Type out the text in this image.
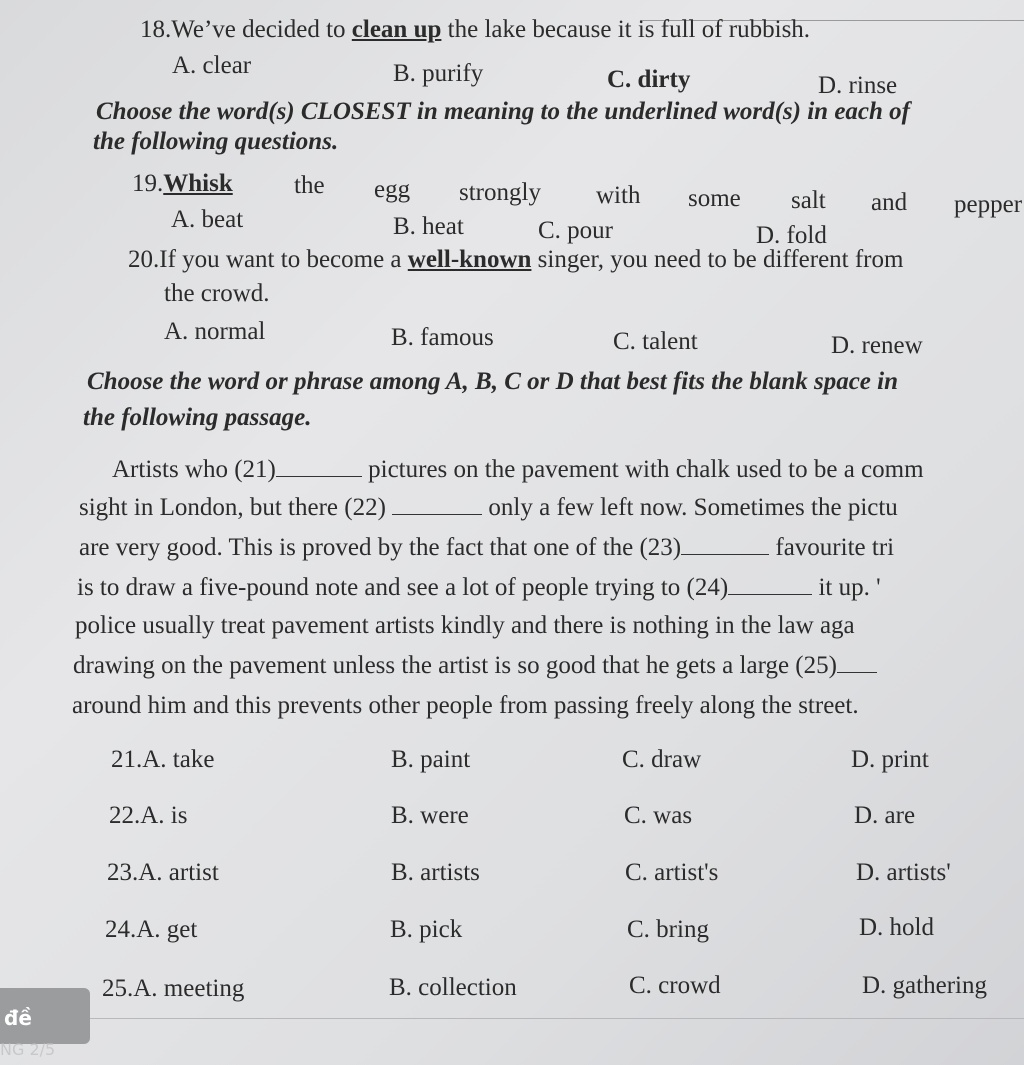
18.We’ve decided to clean up the lake because it is full of rubbish.
A. clear	B. purify	C. dirty	D. rinse
Choose the word(s) CLOSEST in meaning to the underlined word(s) in each of
the following questions.
19.Whisk the egg strongly with some salt and pepper
A. beat	B. heat	C. pour	D. fold
20.If you want to become a well-known singer, you need to be different from
the crowd.
A. normal	B. famous	C. talent	D. renew
Choose the word or phrase among A, B, C or D that best fits the blank space in
the following passage.
Artists who (21)	pictures on the pavement with chalk used to be a comm
sight in London, but there (22)	only a few left now. Sometimes the pictu
are very good. This is proved by the fact that one of the (23)	favourite tri
is to draw a five-pound note and see a lot of people trying to (24)	it up. '
police usually treat pavement artists kindly and there is nothing in the law aga
drawing on the pavement unless the artist is so good that he gets a large (25)
around him and this prevents other people from passing freely along the street.
21.A. take	B. paint	C. draw	D. print
22.A. is	B. were	C. was	D. are
23.A. artist	B. artists	C. artist's	D. artists'
24.A. get	B. pick	C. bring	D. hold
25.A. meeting	B. collection	C. crowd	D. gathering
đề
NG 2/5
